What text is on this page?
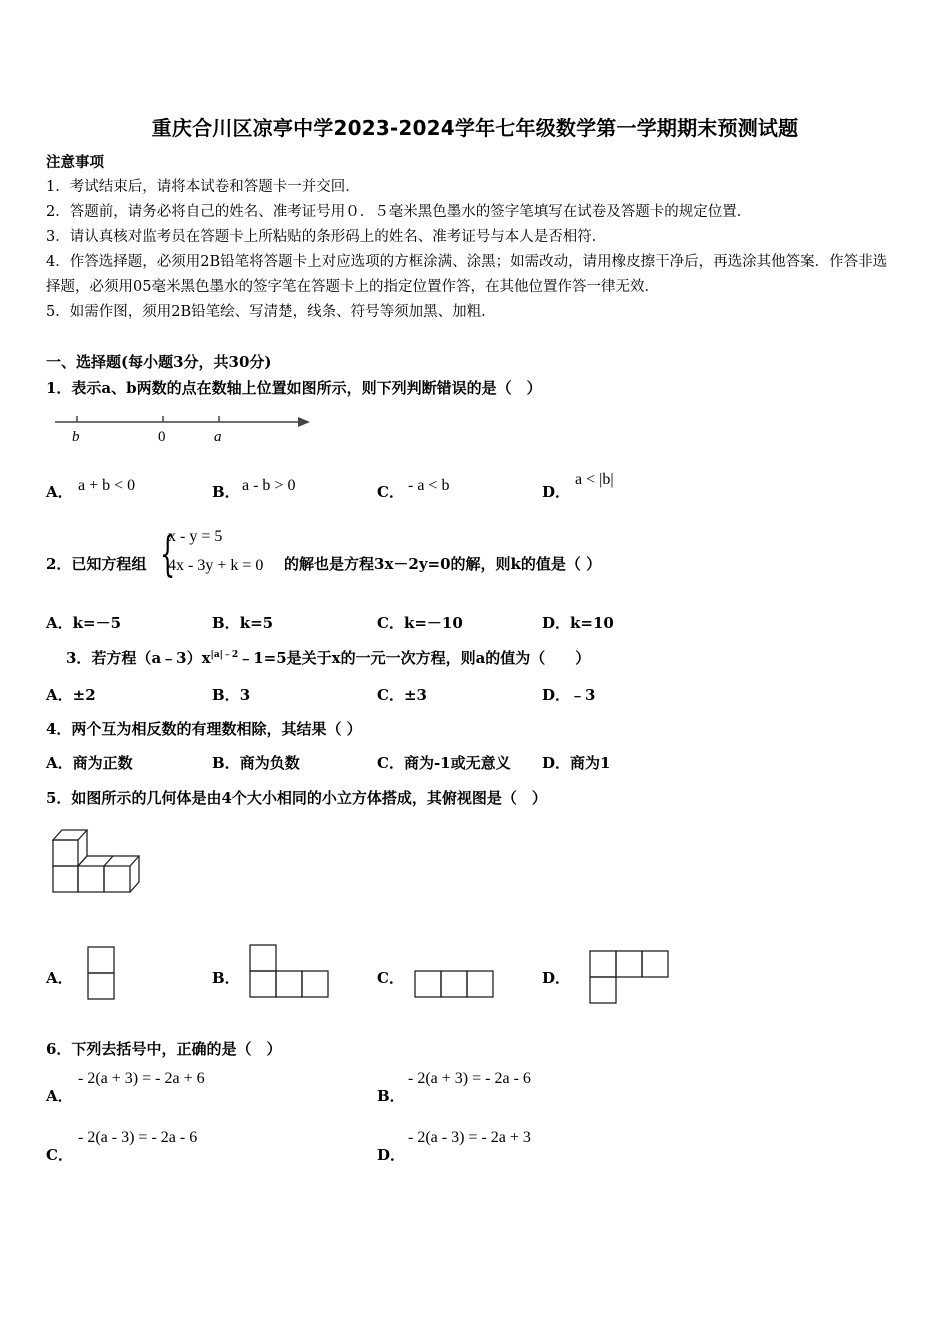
重庆合川区凉亭中学2023-2024学年七年级数学第一学期期末预测试题

注意事项

1．考试结束后，请将本试卷和答题卡一并交回．

2．答题前，请务必将自己的姓名、准考证号用０．５毫米黑色墨水的签字笔填写在试卷及答题卡的规定位置．

3．请认真核对监考员在答题卡上所粘贴的条形码上的姓名、准考证号与本人是否相符．

4．作答选择题，必须用2B铅笔将答题卡上对应选项的方框涂满、涂黑；如需改动，请用橡皮擦干净后，再选涂其他答案．作答非选择题，必须用05毫米黑色墨水的签字笔在答题卡上的指定位置作答，在其他位置作答一律无效．

5．如需作图，须用2B铅笔绘、写清楚，线条、符号等须加黑、加粗．

一、选择题(每小题3分，共30分)
1．表示a、b两数的点在数轴上位置如图所示，则下列判断错误的是（　）
b	0	a
A． a + b < 0	B． a - b > 0	C． - a < b	D．
a < |b|
2．已知方程组 {
x - y = 5
4x - 3y + k = 0 的解也是方程3x－2y=0的解，则k的值是（ ）
A．k=－5	B．k=5	C．k=－10	D．k=10
3．若方程$(a﹣3)x^{|a|﹣2}﹣1=5$是关于x的一元一次方程，则a的值为（　　）
A．±2	B．3	C．±3	D．﹣3
4．两个互为相反数的有理数相除，其结果（ ）
A．商为正数	B．商为负数	C．商为-1或无意义 D．商为1
5．如图所示的几何体是由4个大小相同的小立方体搭成，其俯视图是（　）
A．	B．	C．	D．
6．下列去括号中，正确的是（　）
A．
- 2(a + 3) = - 2a + 6
B．
- 2(a + 3) = - 2a - 6
C．
- 2(a - 3) = - 2a - 6
D．
- 2(a - 3) = - 2a + 3
